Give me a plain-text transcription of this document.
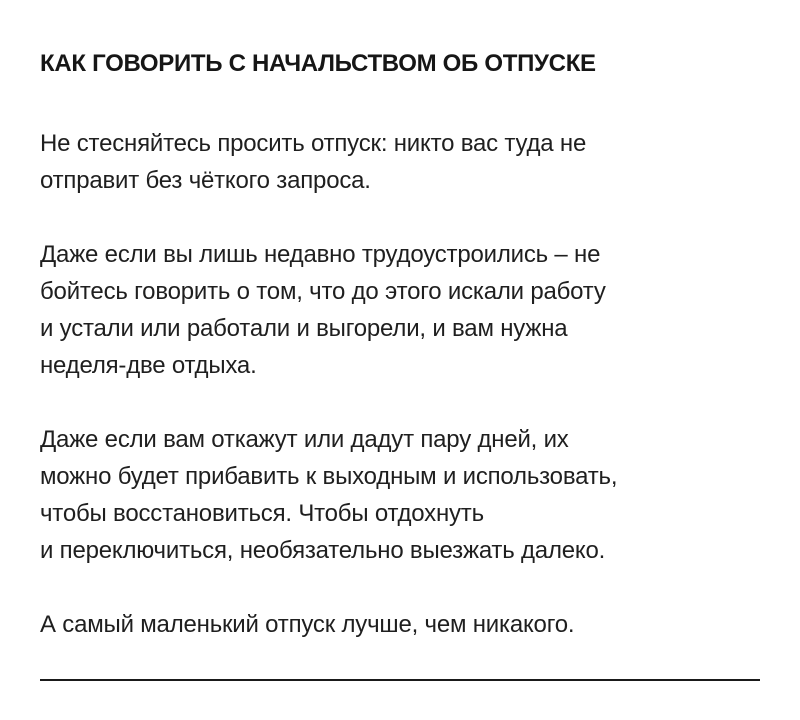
КАК ГОВОРИТЬ С НАЧАЛЬСТВОМ ОБ ОТПУСКЕ

Не стесняйтесь просить отпуск: никто вас туда не
отправит без чёткого запроса.

Даже если вы лишь недавно трудоустроились – не
бойтесь говорить о том, что до этого искали работу
и устали или работали и выгорели, и вам нужна
неделя-две отдыха.

Даже если вам откажут или дадут пару дней, их
можно будет прибавить к выходным и использовать,
чтобы восстановиться. Чтобы отдохнуть
и переключиться, необязательно выезжать далеко.

А самый маленький отпуск лучше, чем никакого.
